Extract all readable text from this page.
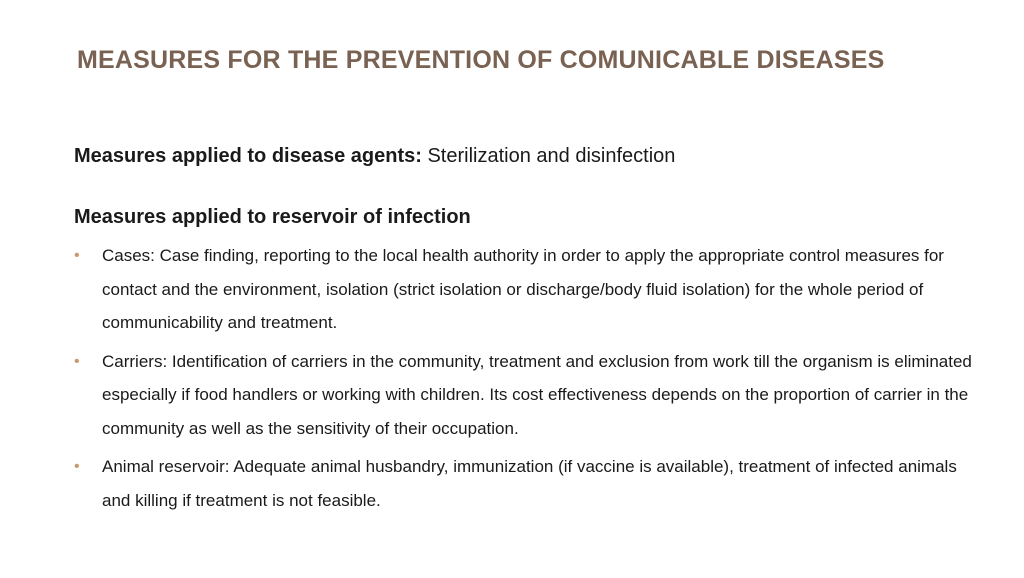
MEASURES FOR THE PREVENTION OF COMUNICABLE DISEASES

Measures applied to disease agents: Sterilization and disinfection

Measures applied to reservoir of infection
• Cases: Case finding, reporting to the local health authority in order to apply the appropriate control measures for contact and the environment, isolation (strict isolation or discharge/body fluid isolation) for the whole period of communicability and treatment.
• Carriers: Identification of carriers in the community, treatment and exclusion from work till the organism is eliminated especially if food handlers or working with children. Its cost effectiveness depends on the proportion of carrier in the community as well as the sensitivity of their occupation.
• Animal reservoir: Adequate animal husbandry, immunization (if vaccine is available), treatment of infected animals and killing if treatment is not feasible.
